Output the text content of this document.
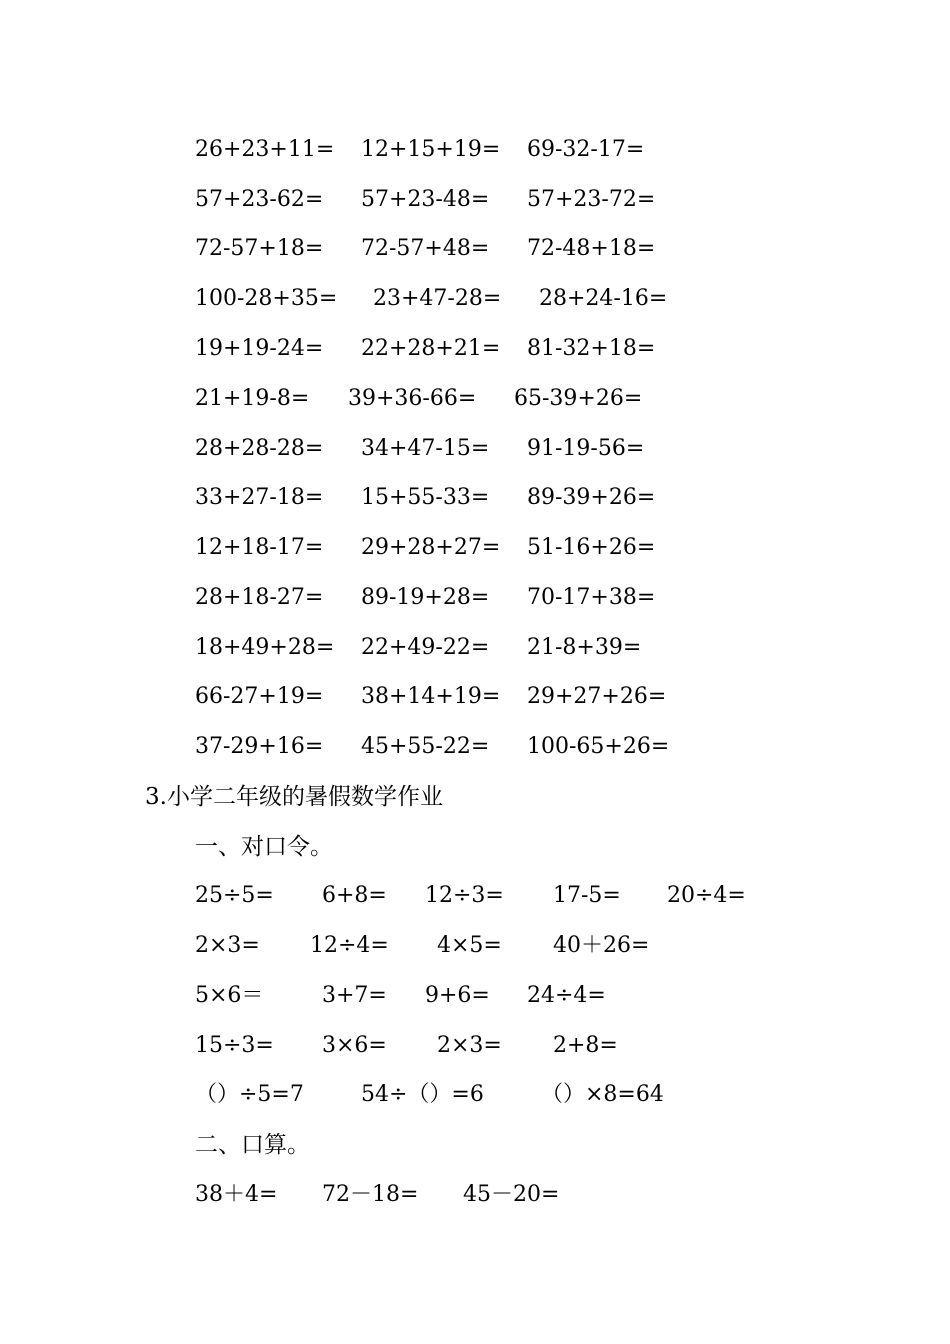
26+23+11= 12+15+19= 69-32-17=
57+23-62= 57+23-48= 57+23-72=
72-57+18= 72-57+48= 72-48+18=
100-28+35= 23+47-28= 28+24-16=
19+19-24= 22+28+21= 81-32+18=
21+19-8= 39+36-66= 65-39+26=
28+28-28= 34+47-15= 91-19-56=
33+27-18= 15+55-33= 89-39+26=
12+18-17= 29+28+27= 51-16+26=
28+18-27= 89-19+28= 70-17+38=
18+49+28= 22+49-22= 21-8+39=
66-27+19= 38+14+19= 29+27+26=
37-29+16= 45+55-22= 100-65+26=
3.小学二年级的暑假数学作业
一、对口令。
25÷5= 6+8= 12÷3= 17-5= 20÷4=
2×3= 12÷4= 4×5= 40＋26=
5×6＝	3+7= 9+6= 24÷4=
15÷3= 3×6= 2×3= 2+8=
（）÷5=7	54÷（）=6	（）×8=64
二、口算。
38＋4= 72－18= 45－20=
